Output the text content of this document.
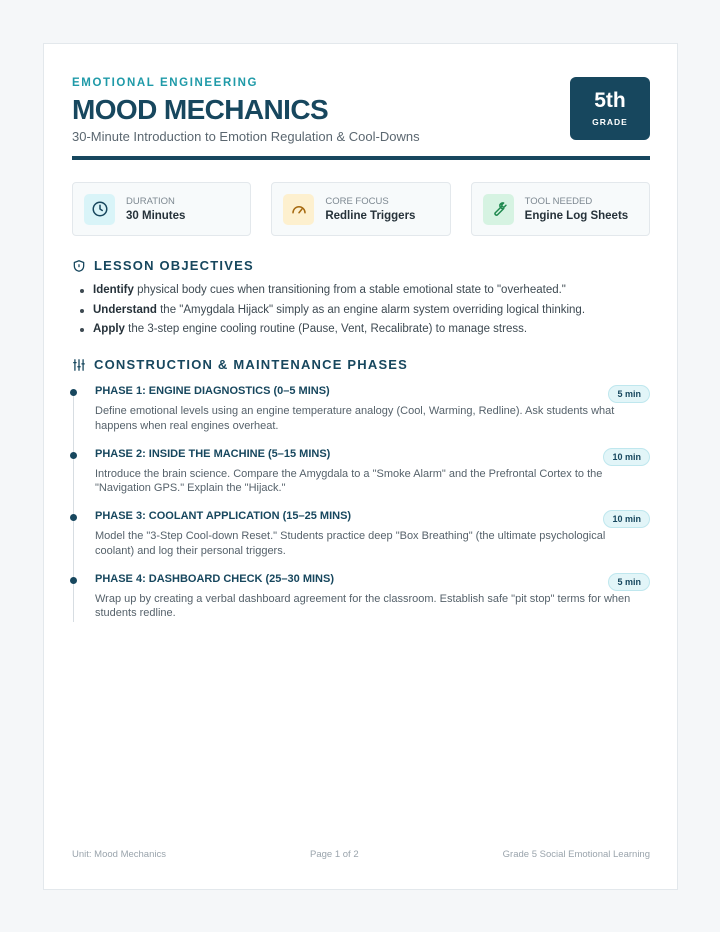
EMOTIONAL ENGINEERING
MOOD MECHANICS
30-Minute Introduction to Emotion Regulation & Cool-Downs
5th
GRADE
DURATION
30 Minutes
CORE FOCUS
Redline Triggers
TOOL NEEDED
Engine Log Sheets
LESSON OBJECTIVES
Identify physical body cues when transitioning from a stable emotional state to "overheated."
Understand the "Amygdala Hijack" simply as an engine alarm system overriding logical thinking.
Apply the 3-step engine cooling routine (Pause, Vent, Recalibrate) to manage stress.
CONSTRUCTION & MAINTENANCE PHASES
PHASE 1: ENGINE DIAGNOSTICS (0–5 MINS)	5 min
Define emotional levels using an engine temperature analogy (Cool, Warming, Redline). Ask students what happens when real engines overheat.
PHASE 2: INSIDE THE MACHINE (5–15 MINS)	10 min
Introduce the brain science. Compare the Amygdala to a "Smoke Alarm" and the Prefrontal Cortex to the "Navigation GPS." Explain the "Hijack."
PHASE 3: COOLANT APPLICATION (15–25 MINS)	10 min
Model the "3-Step Cool-down Reset." Students practice deep "Box Breathing" (the ultimate psychological coolant) and log their personal triggers.
PHASE 4: DASHBOARD CHECK (25–30 MINS)	5 min
Wrap up by creating a verbal dashboard agreement for the classroom. Establish safe "pit stop" terms for when students redline.
Unit: Mood Mechanics	Page 1 of 2	Grade 5 Social Emotional Learning
